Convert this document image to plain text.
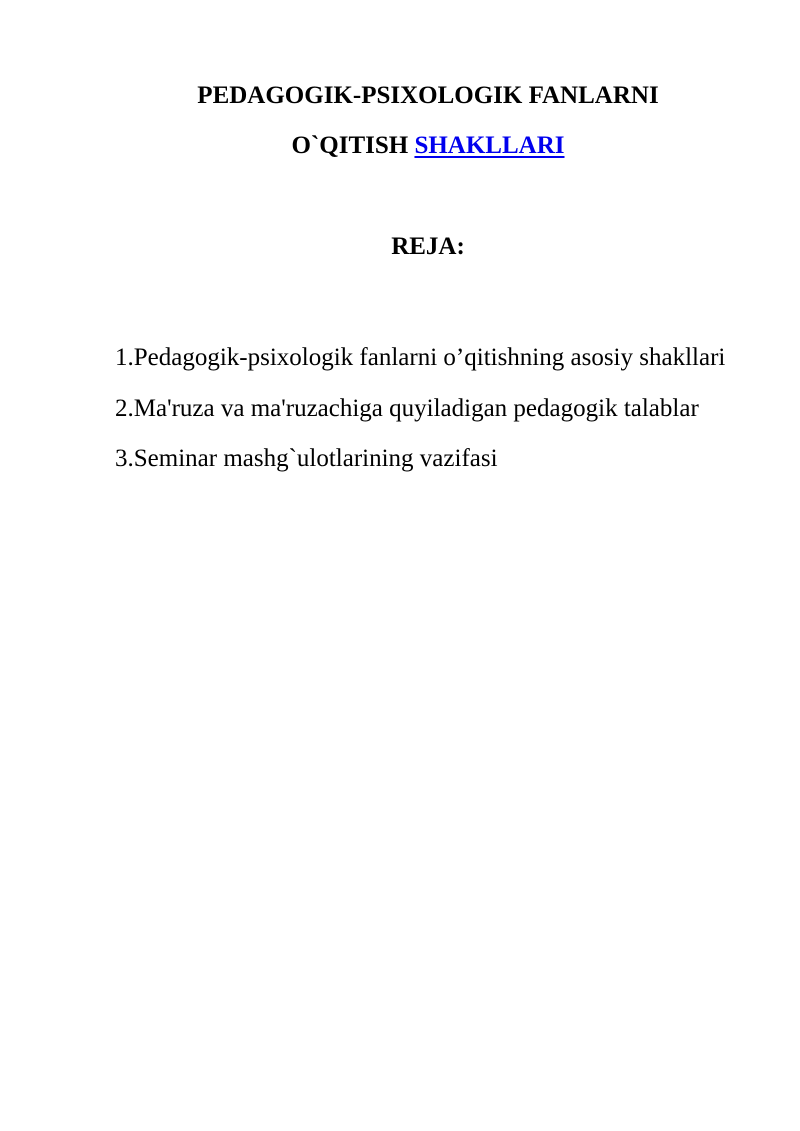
PEDAGOGIK-PSIXOLOGIK FANLARNI
O`QITISH SHAKLLARI
REJA:
1.Pedagogik-psixologik fanlarni o’qitishning asosiy shakllari
2.Ma'ruza va ma'ruzachiga quyiladigan pedagogik talablar
3.Seminar mashg`ulotlarining vazifasi
